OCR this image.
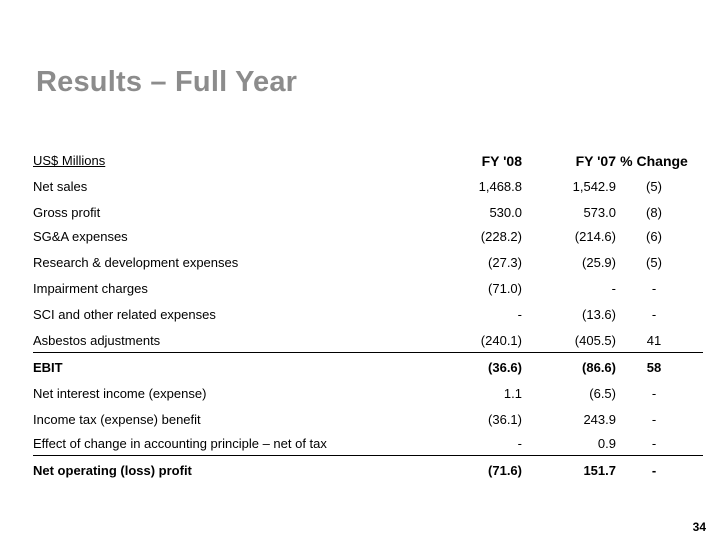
Results – Full Year
US$ Millions	FY '08	FY '07 % Change
Net sales	1,468.8	1,542.9	(5)
Gross profit	530.0	573.0	(8)
SG&A expenses	(228.2)	(214.6)	(6)
Research & development expenses	(27.3)	(25.9)	(5)
Impairment charges	(71.0)	-	-
SCI and other related expenses	-	(13.6)	-
Asbestos adjustments	(240.1)	(405.5)	41
EBIT	(36.6)	(86.6)	58
Net interest income (expense)	1.1	(6.5)	-
Income tax (expense) benefit	(36.1)	243.9	-
Effect of change in accounting principle – net of tax	-	0.9	-
Net operating (loss) profit	(71.6)	151.7	-
34
